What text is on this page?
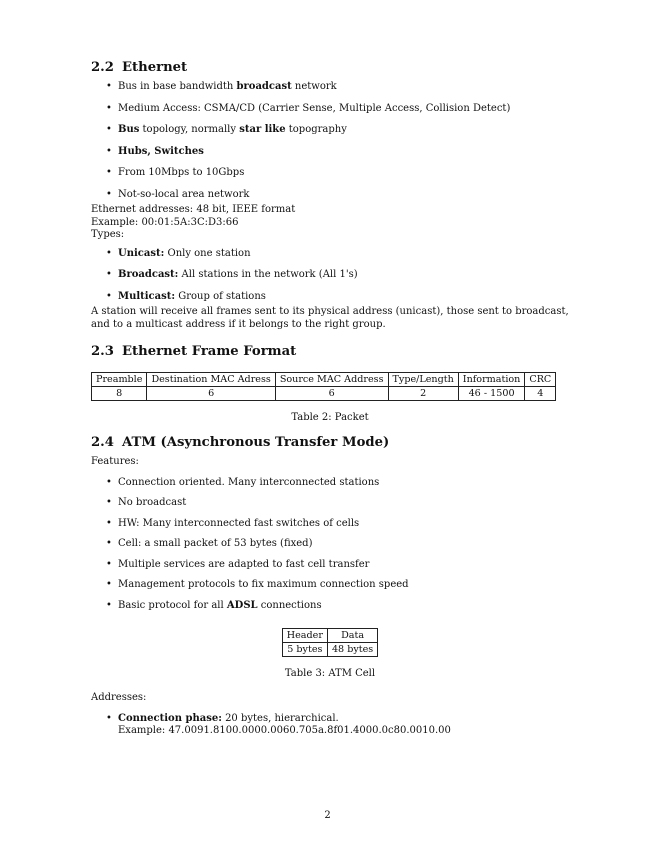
2.2 Ethernet
• Bus in base bandwidth broadcast network
• Medium Access: CSMA/CD (Carrier Sense, Multiple Access, Collision Detect)
• Bus topology, normally star like topography
• Hubs, Switches
• From 10Mbps to 10Gbps
• Not-so-local area network

Ethernet addresses: 48 bit, IEEE format

Example: 00:01:5A:3C:D3:66

Types:

• Unicast: Only one station
• Broadcast: All stations in the network (All 1's)
• Multicast: Group of stations

A station will receive all frames sent to its physical address (unicast), those sent to broadcast, and to a multicast address if it belongs to the right group.

2.3 Ethernet Frame Format
Preamble	Destination MAC Adress	Source MAC Address	Type/Length	Information	CRC
8	6	6	2	46 - 1500	4
Table 2: Packet
2.4 ATM (Asynchronous Transfer Mode)

Features:

• Connection oriented. Many interconnected stations
• No broadcast
• HW: Many interconnected fast switches of cells
• Cell: a small packet of 53 bytes (fixed)
• Multiple services are adapted to fast cell transfer
• Management protocols to fix maximum connection speed
• Basic protocol for all ADSL connections
Header	Data
5 bytes	48 bytes
Table 3: ATM Cell

Addresses:

• Connection phase: 20 bytes, hierarchical.
Example: 47.0091.8100.0000.0060.705a.8f01.4000.0c80.0010.00
2
